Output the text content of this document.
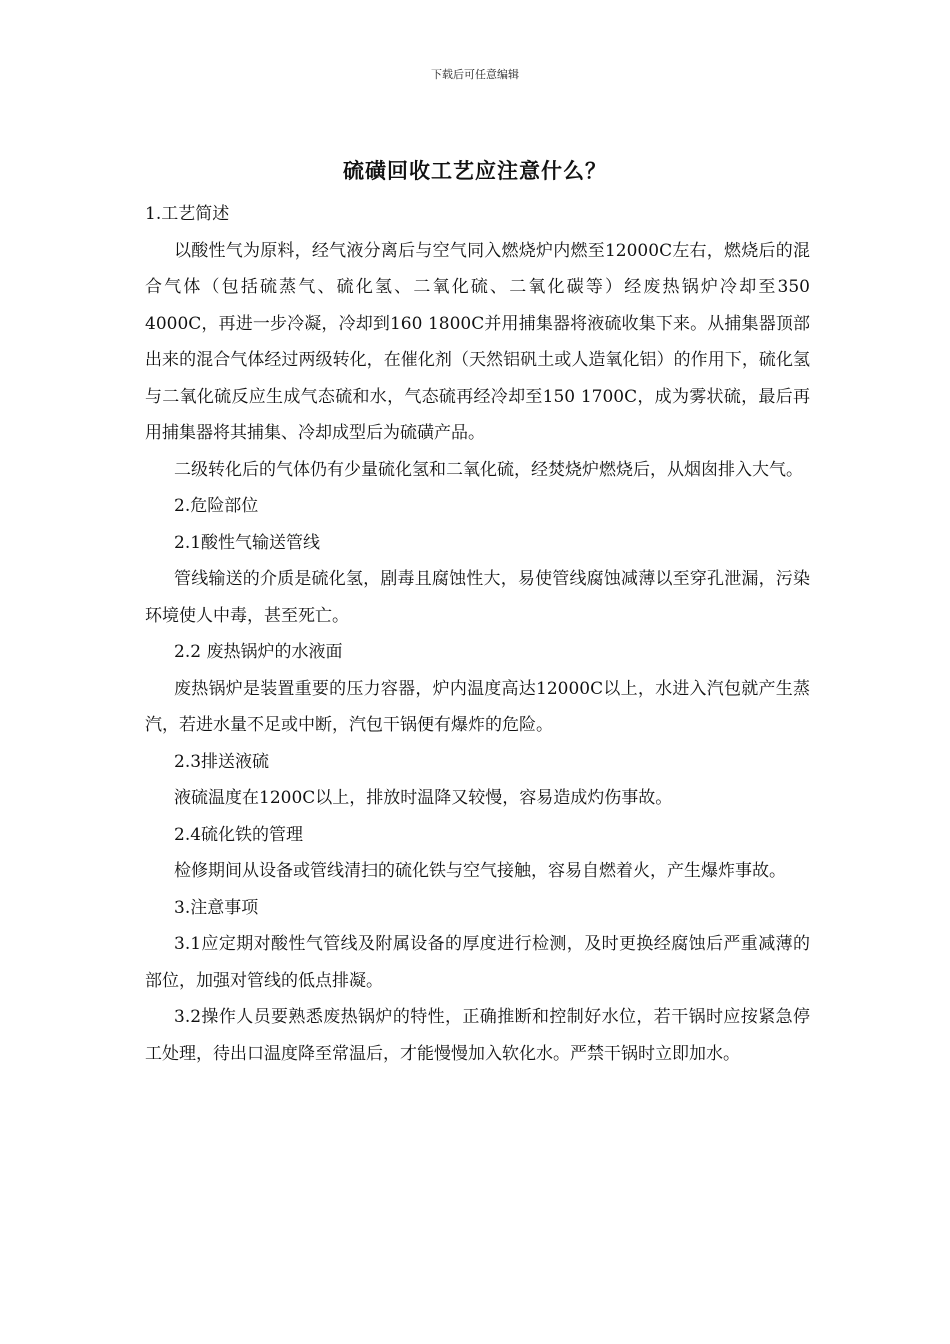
下载后可任意编辑
硫磺回收工艺应注意什么？

1.工艺简述

以酸性气为原料，经气液分离后与空气同入燃烧炉内燃至12000C左右，燃烧后的混合气体（包括硫蒸气、硫化氢、二氧化硫、二氧化碳等）经废热锅炉冷却至350 4000C，再进一步冷凝，冷却到160 1800C并用捕集器将液硫收集下来。从捕集器顶部出来的混合气体经过两级转化，在催化剂（天然铝矾土或人造氧化铝）的作用下，硫化氢与二氧化硫反应生成气态硫和水，气态硫再经冷却至150 1700C，成为雾状硫，最后再用捕集器将其捕集、冷却成型后为硫磺产品。

二级转化后的气体仍有少量硫化氢和二氧化硫，经焚烧炉燃烧后，从烟囱排入大气。

2.危险部位

2.1酸性气输送管线

管线输送的介质是硫化氢，剧毒且腐蚀性大，易使管线腐蚀减薄以至穿孔泄漏，污染环境使人中毒，甚至死亡。

2.2 废热锅炉的水液面

废热锅炉是装置重要的压力容器，炉内温度高达12000C以上，水进入汽包就产生蒸汽，若进水量不足或中断，汽包干锅便有爆炸的危险。

2.3排送液硫

液硫温度在1200C以上，排放时温降又较慢，容易造成灼伤事故。

2.4硫化铁的管理

检修期间从设备或管线清扫的硫化铁与空气接触，容易自燃着火，产生爆炸事故。

3.注意事项

3.1应定期对酸性气管线及附属设备的厚度进行检测，及时更换经腐蚀后严重减薄的部位，加强对管线的低点排凝。

3.2操作人员要熟悉废热锅炉的特性，正确推断和控制好水位，若干锅时应按紧急停工处理，待出口温度降至常温后，才能慢慢加入软化水。严禁干锅时立即加水。
